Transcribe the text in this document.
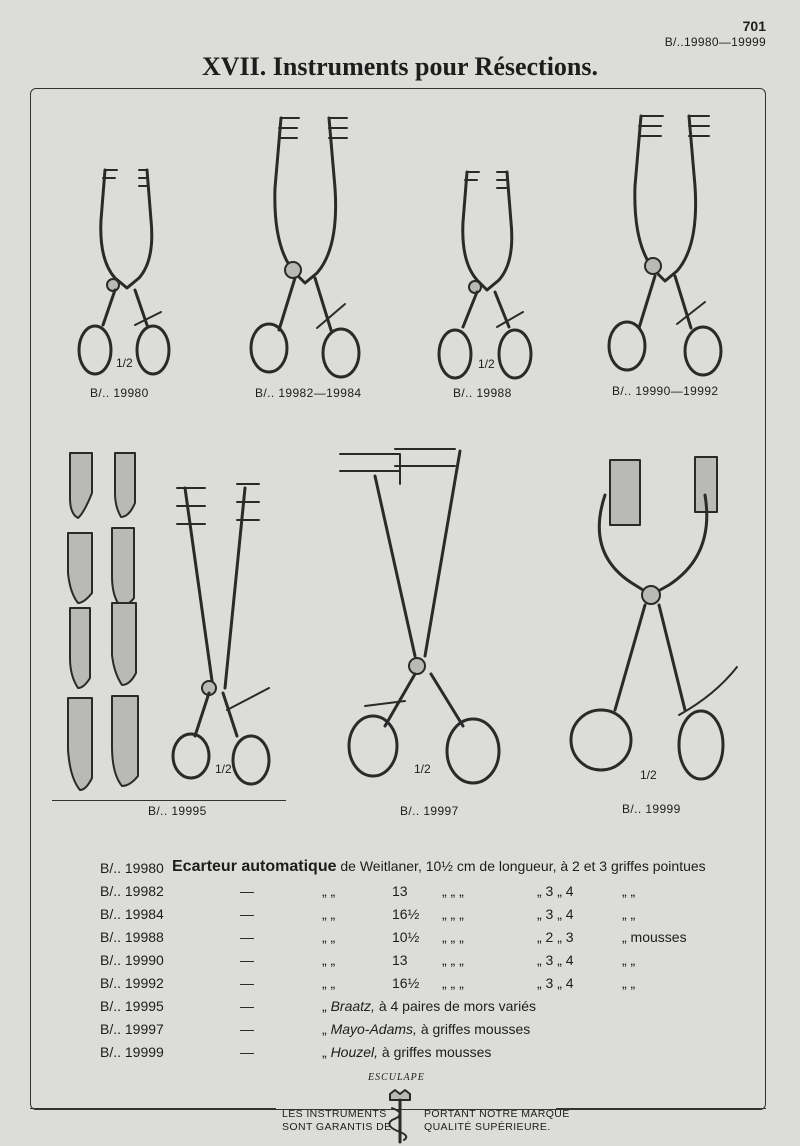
701
B/..19980—19999
XVII. Instruments pour Résections.
B/.. 19980
1/2
B/.. 19982—19984	B/.. 19988
1/2
B/.. 19990—19992
B/.. 19995
1/2
B/.. 19997
1/2
B/.. 19999
1/2
B/.. 19980	Ecarteur automatique de Weitlaner, 10½ cm de longueur, à 2 et 3 griffes pointues					
B/.. 19982	—	„ „	13	„ „ „	„ 3 „ 4	„ „
B/.. 19984	—	„ „	16½	„ „ „	„ 3 „ 4	„ „
B/.. 19988	—	„ „	10½	„ „ „	„ 2 „ 3	„ mousses
B/.. 19990	—	„ „	13	„ „ „	„ 3 „ 4	„ „
B/.. 19992	—	„ „	16½	„ „ „	„ 3 „ 4	„ „
B/.. 19995	—	„ Braatz, à 4 paires de mors variés				
B/.. 19997	—	„ Mayo-Adams, à griffes mousses				
B/.. 19999	—	„ Houzel, à griffes mousses				
LES INSTRUMENTS
SONT GARANTIS DE
PORTANT NOTRE MARQUE
QUALITÉ SUPÉRIEURE.
ESCULAPE
